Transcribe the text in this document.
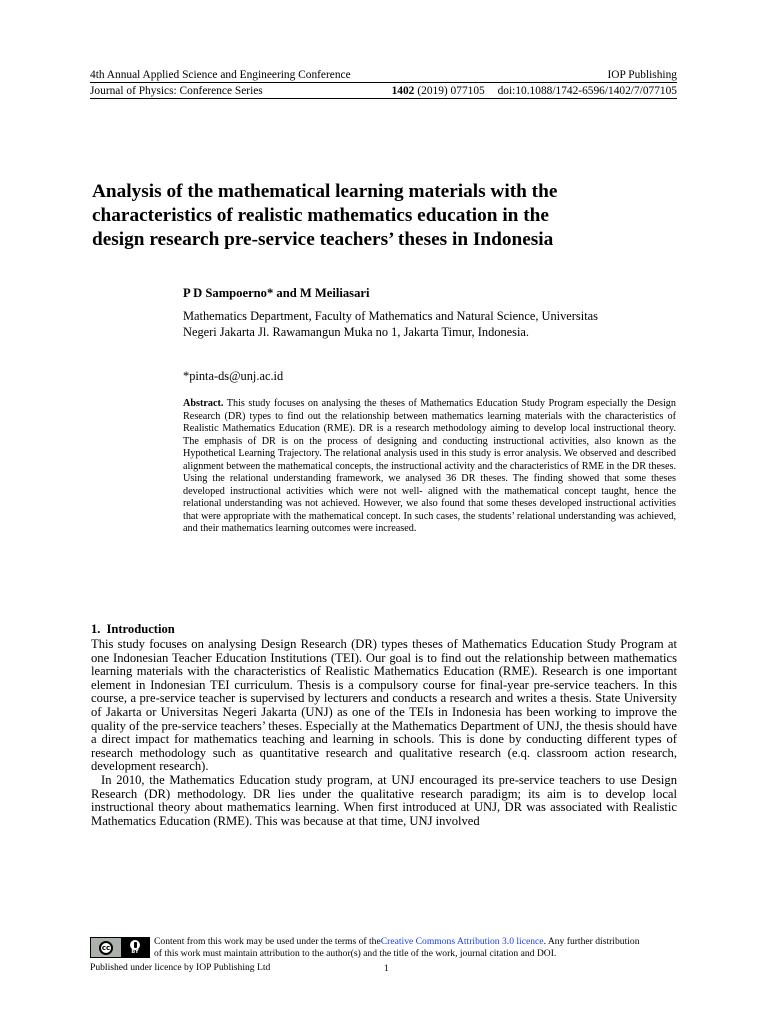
4th Annual Applied Science and Engineering Conference	IOP Publishing
Journal of Physics: Conference Series	1402 (2019) 077105 doi:10.1088/1742-6596/1402/7/077105
Analysis of the mathematical learning materials with the
characteristics of realistic mathematics education in the
design research pre-service teachers’ theses in Indonesia

P D Sampoerno* and M Meiliasari

Mathematics Department, Faculty of Mathematics and Natural Science, Universitas
Negeri Jakarta Jl. Rawamangun Muka no 1, Jakarta Timur, Indonesia.
*pinta-ds@unj.ac.id

Abstract. This study focuses on analysing the theses of Mathematics Education Study Program especially the Design Research (DR) types to find out the relationship between mathematics learning materials with the characteristics of Realistic Mathematics Education (RME). DR is a research methodology aiming to develop local instructional theory. The emphasis of DR is on the process of designing and conducting instructional activities, also known as the Hypothetical Learning Trajectory. The relational analysis used in this study is error analysis. We observed and described alignment between the mathematical concepts, the instructional activity and the characteristics of RME in the DR theses. Using the relational understanding framework, we analysed 36 DR theses. The finding showed that some theses developed instructional activities which were not well- aligned with the mathematical concept taught, hence the relational understanding was not achieved. However, we also found that some theses developed instructional activities that were appropriate with the mathematical concept. In such cases, the students’ relational understanding was achieved, and their mathematics learning outcomes were increased.

1. Introduction

This study focuses on analysing Design Research (DR) types theses of Mathematics Education Study Program at one Indonesian Teacher Education Institutions (TEI). Our goal is to find out the relationship between mathematics learning materials with the characteristics of Realistic Mathematics Education (RME). Research is one important element in Indonesian TEI curriculum. Thesis is a compulsory course for final-year pre-service teachers. In this course, a pre-service teacher is supervised by lecturers and conducts a research and writes a thesis. State University of Jakarta or Universitas Negeri Jakarta (UNJ) as one of the TEIs in Indonesia has been working to improve the quality of the pre-service teachers’ theses. Especially at the Mathematics Department of UNJ, the thesis should have a direct impact for mathematics teaching and learning in schools. This is done by conducting different types of research methodology such as quantitative research and qualitative research (e.q. classroom action research, development research).

In 2010, the Mathematics Education study program, at UNJ encouraged its pre-service teachers to use Design Research (DR) methodology. DR lies under the qualitative research paradigm; its aim is to develop local instructional theory about mathematics learning. When first introduced at UNJ, DR was associated with Realistic Mathematics Education (RME). This was because at that time, UNJ involved

cc
BY
Content from this work may be used under the terms of theCreative Commons Attribution 3.0 licence. Any further distribution
of this work must maintain attribution to the author(s) and the title of the work, journal citation and DOI.
Published under licence by IOP Publishing Ltd	1
